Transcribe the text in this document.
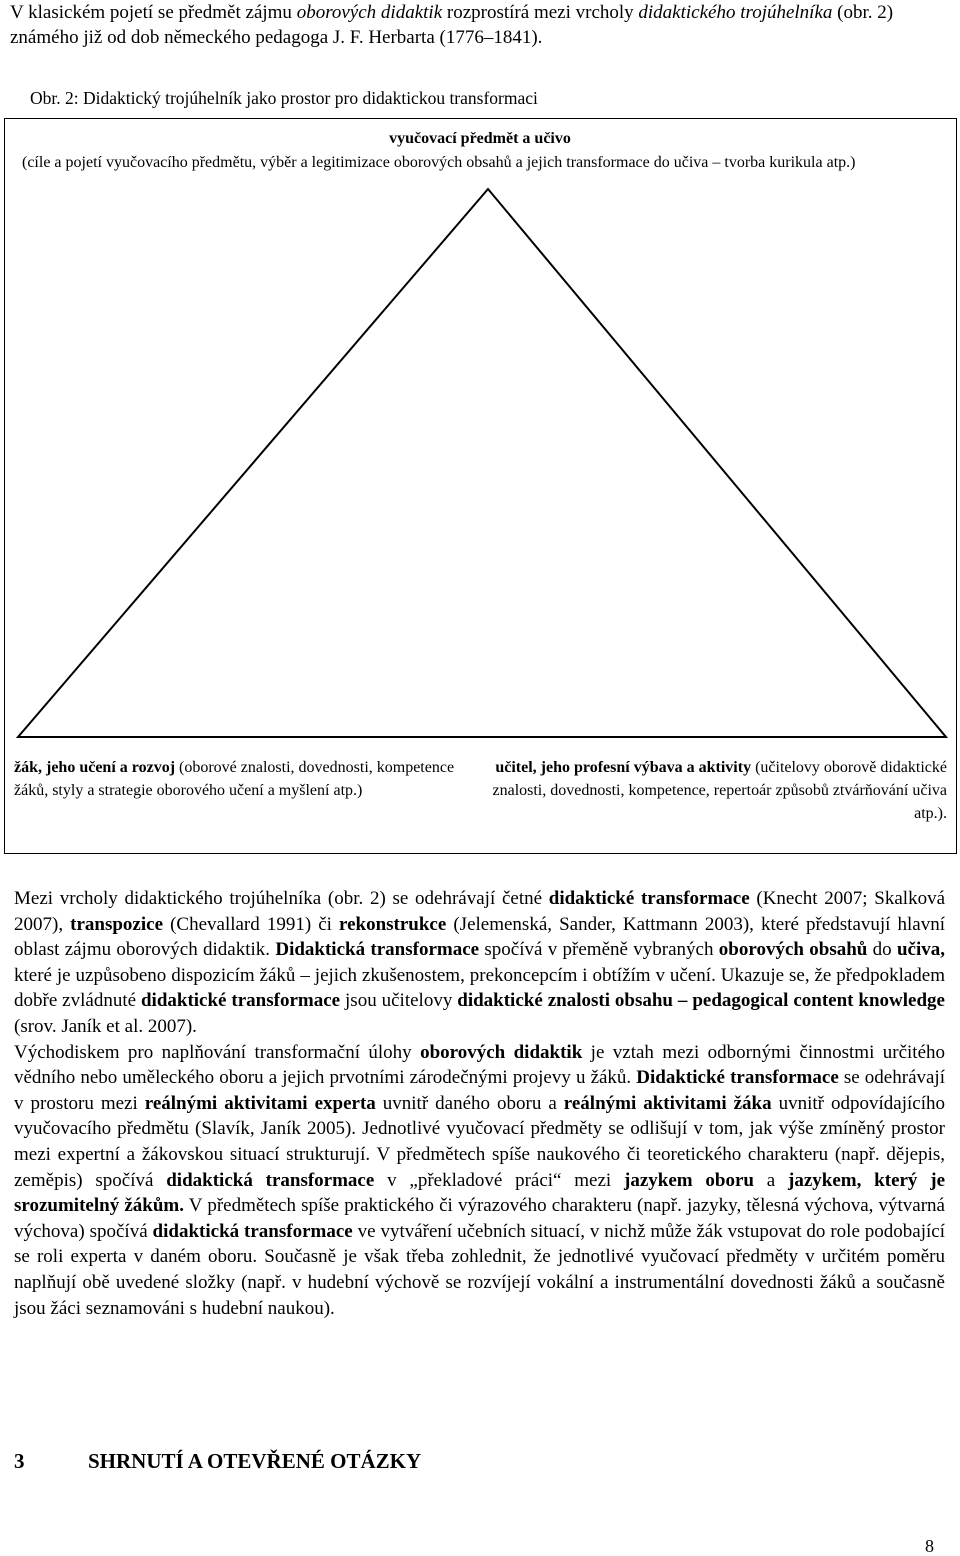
V klasickém pojetí se předmět zájmu oborových didaktik rozprostírá mezi vrcholy didaktického trojúhelníka (obr. 2) známého již od dob německého pedagoga J. F. Herbarta (1776–1841).
Obr. 2: Didaktický trojúhelník jako prostor pro didaktickou transformaci
vyučovací předmět a učivo
(cíle a pojetí vyučovacího předmětu, výběr a legitimizace oborových obsahů a jejich transformace do učiva – tvorba kurikula atp.)
žák, jeho učení a rozvoj (oborové znalosti, dovednosti, kompetence žáků, styly a strategie oborového učení a myšlení atp.)
učitel, jeho profesní výbava a aktivity (učitelovy oborově didaktické znalosti, dovednosti, kompetence, repertoár způsobů ztvárňování učiva atp.).

Mezi vrcholy didaktického trojúhelníka (obr. 2) se odehrávají četné didaktické transformace (Knecht 2007; Skalková 2007), transpozice (Chevallard 1991) či rekonstrukce (Jelemenská, Sander, Kattmann 2003), které představují hlavní oblast zájmu oborových didaktik. Didaktická transformace spočívá v přeměně vybraných oborových obsahů do učiva, které je uzpůsobeno dispozicím žáků – jejich zkušenostem, prekoncepcím i obtížím v učení. Ukazuje se, že předpokladem dobře zvládnuté didaktické transformace jsou učitelovy didaktické znalosti obsahu – pedagogical content knowledge (srov. Janík et al. 2007).

Východiskem pro naplňování transformační úlohy oborových didaktik je vztah mezi odbornými činnostmi určitého vědního nebo uměleckého oboru a jejich prvotními zárodečnými projevy u žáků. Didaktické transformace se odehrávají v prostoru mezi reálnými aktivitami experta uvnitř daného oboru a reálnými aktivitami žáka uvnitř odpovídajícího vyučovacího předmětu (Slavík, Janík 2005). Jednotlivé vyučovací předměty se odlišují v tom, jak výše zmíněný prostor mezi expertní a žákovskou situací strukturují. V předmětech spíše naukového či teoretického charakteru (např. dějepis, zeměpis) spočívá didaktická transformace v „překladové práci“ mezi jazykem oboru a jazykem, který je srozumitelný žákům. V předmětech spíše praktického či výrazového charakteru (např. jazyky, tělesná výchova, výtvarná výchova) spočívá didaktická transformace ve vytváření učebních situací, v nichž může žák vstupovat do role podobající se roli experta v daném oboru. Současně je však třeba zohlednit, že jednotlivé vyučovací předměty v určitém poměru naplňují obě uvedené složky (např. v hudební výchově se rozvíjejí vokální a instrumentální dovednosti žáků a současně jsou žáci seznamováni s hudební naukou).

3	SHRNUTÍ A OTEVŘENÉ OTÁZKY
8
